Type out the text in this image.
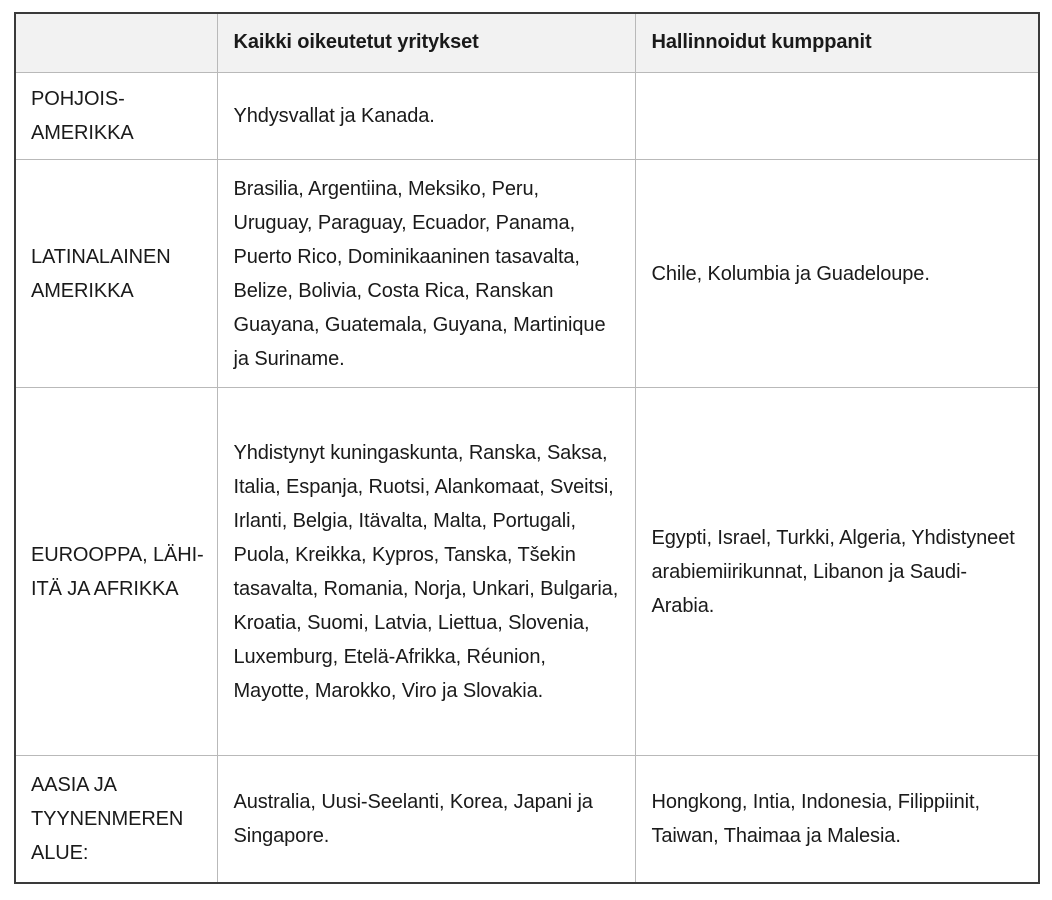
	Kaikki oikeutetut yritykset	Hallinnoidut kumppanit
POHJOIS-AMERIKKA	Yhdysvallat ja Kanada.	
LATINALAINEN AMERIKKA	Brasilia, Argentiina, Meksiko, Peru, Uruguay, Paraguay, Ecuador, Panama, Puerto Rico, Dominikaaninen tasavalta, Belize, Bolivia, Costa Rica, Ranskan Guayana, Guatemala, Guyana, Martinique ja Suriname.	Chile, Kolumbia ja Guadeloupe.
EUROOPPA, LÄHI-ITÄ JA AFRIKKA	Yhdistynyt kuningaskunta, Ranska, Saksa, Italia, Espanja, Ruotsi, Alankomaat, Sveitsi, Irlanti, Belgia, Itävalta, Malta, Portugali, Puola, Kreikka, Kypros, Tanska, Tšekin tasavalta, Romania, Norja, Unkari, Bulgaria, Kroatia, Suomi, Latvia, Liettua, Slovenia, Luxemburg, Etelä-Afrikka, Réunion, Mayotte, Marokko, Viro ja Slovakia.	Egypti, Israel, Turkki, Algeria, Yhdistyneet arabiemiirikunnat, Libanon ja Saudi-Arabia.
AASIA JA TYYNENMEREN ALUE:	Australia, Uusi-Seelanti, Korea, Japani ja Singapore.	Hongkong, Intia, Indonesia, Filippiinit, Taiwan, Thaimaa ja Malesia.
